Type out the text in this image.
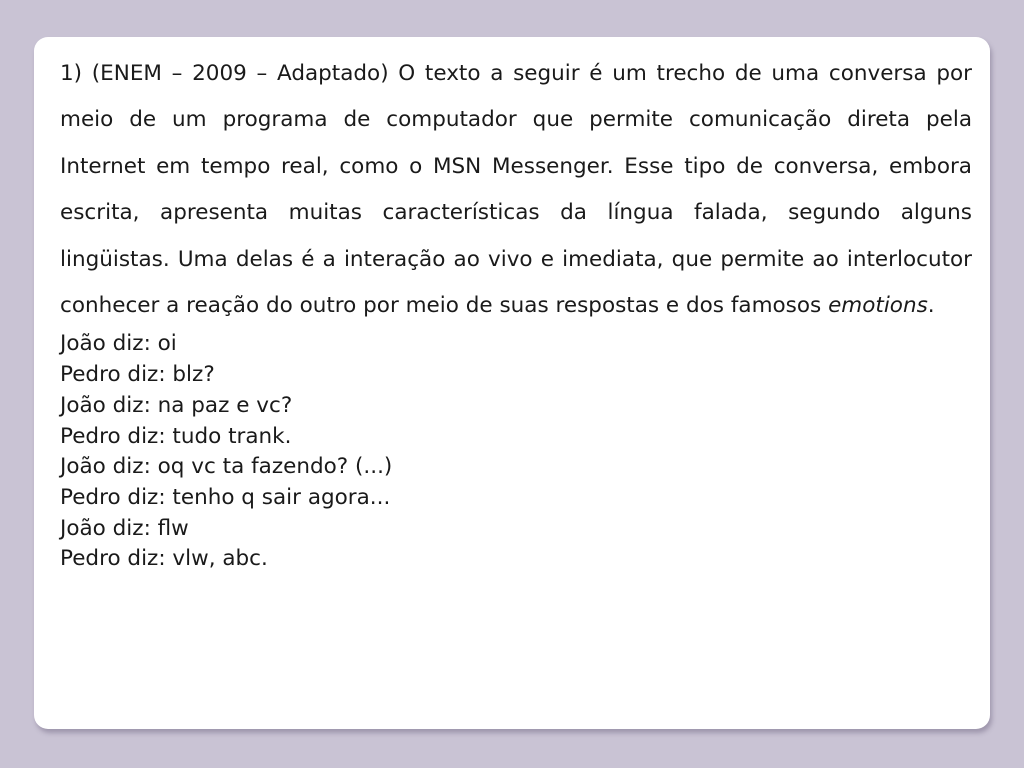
1) (ENEM – 2009 – Adaptado) O texto a seguir é um trecho de uma conversa por meio de um programa de computador que permite comunicação direta pela Internet em tempo real, como o MSN Messenger. Esse tipo de conversa, embora escrita, apresenta muitas características da língua falada, segundo alguns lingüistas. Uma delas é a interação ao vivo e imediata, que permite ao interlocutor conhecer a reação do outro por meio de suas respostas e dos famosos emotions.

João diz: oi
Pedro diz: blz?
João diz: na paz e vc?
Pedro diz: tudo trank.
João diz: oq vc ta fazendo? (...)
Pedro diz: tenho q sair agora...
João diz: flw
Pedro diz: vlw, abc.
